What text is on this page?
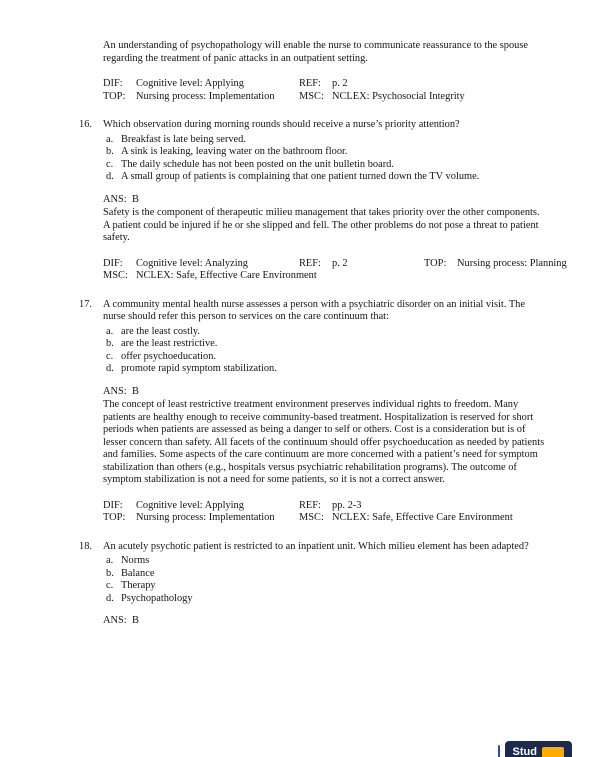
An understanding of psychopathology will enable the nurse to communicate reassurance to the spouse regarding the treatment of panic attacks in an outpatient setting.

DIF: Cognitive level: Applying	REF: p. 2
TOP: Nursing process: Implementation MSC: NCLEX: Psychosocial Integrity
16. Which observation during morning rounds should receive a nurse’s priority attention?

a. Breakfast is late being served.
b. A sink is leaking, leaving water on the bathroom floor.
c. The daily schedule has not been posted on the unit bulletin board.
d. A small group of patients is complaining that one patient turned down the TV volume.

ANS: B

Safety is the component of therapeutic milieu management that takes priority over the other components. A patient could be injured if he or she slipped and fell. The other problems do not pose a threat to patient safety.

DIF: Cognitive level: Analyzing	REF: p. 2	TOP: Nursing process: Planning
MSC: NCLEX: Safe, Effective Care Environment
17. A community mental health nurse assesses a person with a psychiatric disorder on an initial visit. The nurse should refer this person to services on the care continuum that:

a. are the least costly.
b. are the least restrictive.
c. offer psychoeducation.
d. promote rapid symptom stabilization.

ANS: B

The concept of least restrictive treatment environment preserves individual rights to freedom. Many patients are healthy enough to receive community-based treatment. Hospitalization is reserved for short periods when patients are assessed as being a danger to self or others. Cost is a consideration but is of lesser concern than safety. All facets of the continuum should offer psychoeducation as needed by patients and families. Some aspects of the care continuum are more concerned with a patient’s need for symptom stabilization than others (e.g., hospitals versus psychiatric rehabilitation programs). The outcome of symptom stabilization is not a need for some patients, so it is not a correct answer.

DIF: Cognitive level: Applying	REF: pp. 2-3
TOP: Nursing process: Implementation MSC: NCLEX: Safe, Effective Care Environment
18. An acutely psychotic patient is restricted to an inpatient unit. Which milieu element has been adapted?

a. Norms
b. Balance
c. Therapy
d. Psychopathology

ANS: B

Stud
